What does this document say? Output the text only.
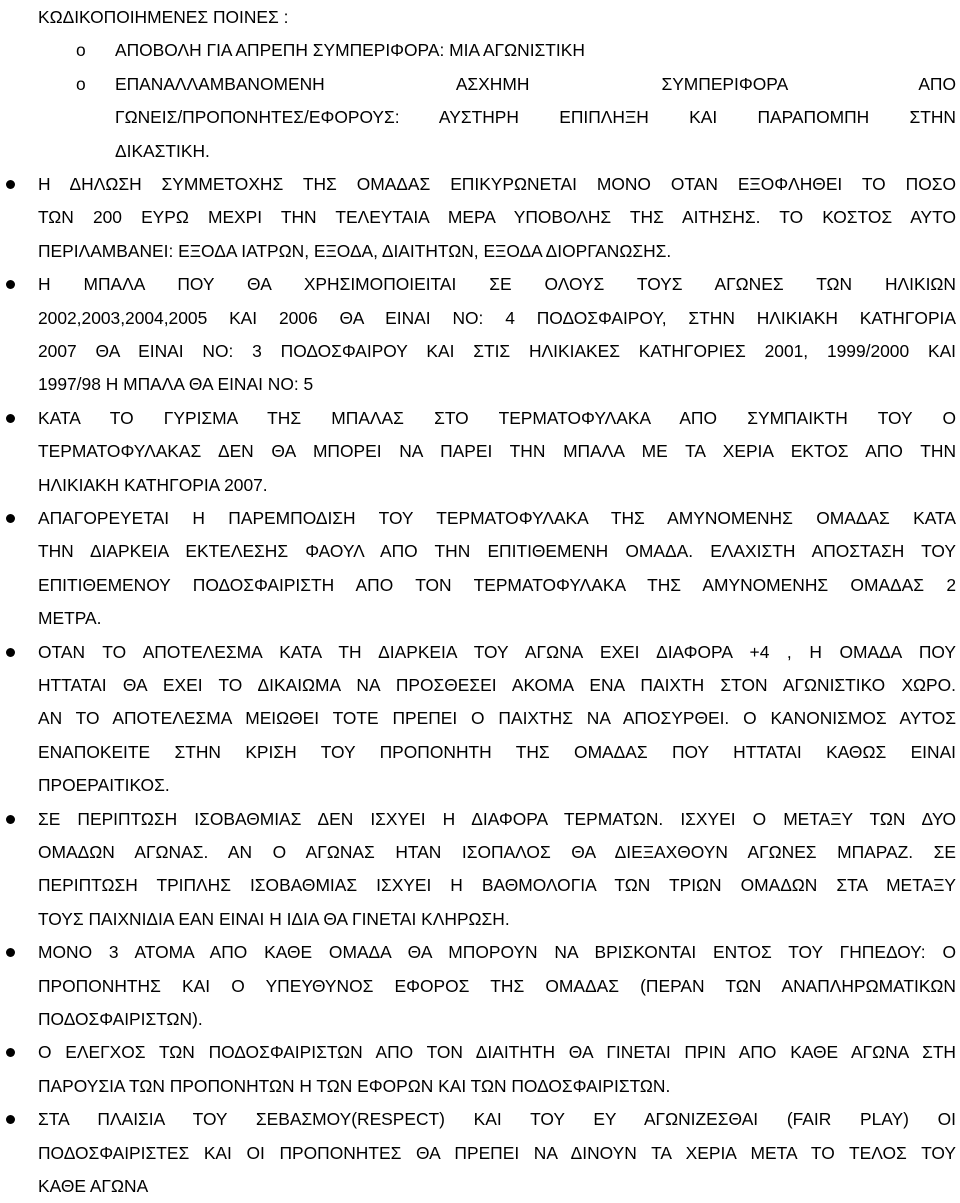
ΚΩΔΙΚΟΠΟΙΗΜΕΝΕΣ ΠΟΙΝΕΣ :
o	ΑΠΟΒΟΛΗ ΓΙΑ ΑΠΡΕΠΗ ΣΥΜΠΕΡΙΦΟΡΑ: ΜΙΑ ΑΓΩΝΙΣΤΙΚΗ
o	ΕΠΑΝΑΛΛΑΜΒΑΝΟΜΕΝΗ ΑΣΧΗΜΗ ΣΥΜΠΕΡΙΦΟΡΑ ΑΠΟ
ΓΩΝΕΙΣ/ΠΡΟΠΟΝΗΤΕΣ/ΕΦΟΡΟΥΣ: ΑΥΣΤΗΡΗ ΕΠΙΠΛΗΞΗ ΚΑΙ ΠΑΡΑΠΟΜΠΗ ΣΤΗΝ
ΔΙΚΑΣΤΙΚΗ.
Η ΔΗΛΩΣΗ ΣΥΜΜΕΤΟΧΗΣ ΤΗΣ ΟΜΑΔΑΣ ΕΠΙΚΥΡΩΝΕΤΑΙ ΜΟΝΟ ΟΤΑΝ ΕΞΟΦΛΗΘΕΙ ΤΟ ΠΟΣΟ
ΤΩΝ 200 ΕΥΡΩ ΜΕΧΡΙ ΤΗΝ ΤΕΛΕΥΤΑΙΑ ΜΕΡΑ ΥΠΟΒΟΛΗΣ ΤΗΣ ΑΙΤΗΣΗΣ. ΤΟ ΚΟΣΤΟΣ ΑΥΤΟ
ΠΕΡΙΛΑΜΒΑΝΕΙ: ΕΞΟΔΑ ΙΑΤΡΩΝ, ΕΞΟΔΑ, ΔΙΑΙΤΗΤΩΝ, ΕΞΟΔΑ ΔΙΟΡΓΑΝΩΣΗΣ.
Η ΜΠΑΛΑ ΠΟΥ ΘΑ ΧΡΗΣΙΜΟΠΟΙΕΙΤΑΙ ΣΕ ΟΛΟΥΣ ΤΟΥΣ ΑΓΩΝΕΣ ΤΩΝ ΗΛΙΚΙΩΝ
2002,2003,2004,2005 ΚΑΙ 2006 ΘΑ ΕΙΝΑΙ ΝΟ: 4 ΠΟΔΟΣΦΑΙΡΟΥ, ΣΤΗΝ ΗΛΙΚΙΑΚΗ ΚΑΤΗΓΟΡΙΑ
2007 ΘΑ ΕΙΝΑΙ ΝΟ: 3 ΠΟΔΟΣΦΑΙΡΟΥ ΚΑΙ ΣΤΙΣ ΗΛΙΚΙΑΚΕΣ ΚΑΤΗΓΟΡΙΕΣ 2001, 1999/2000 ΚΑΙ
1997/98 Η ΜΠΑΛΑ ΘΑ ΕΙΝΑΙ ΝΟ: 5
ΚΑΤΑ ΤΟ ΓΥΡΙΣΜΑ ΤΗΣ ΜΠΑΛΑΣ ΣΤΟ ΤΕΡΜΑΤΟΦΥΛΑΚΑ ΑΠΟ ΣΥΜΠΑΙΚΤΗ ΤΟΥ Ο
ΤΕΡΜΑΤΟΦΥΛΑΚΑΣ ΔΕΝ ΘΑ ΜΠΟΡΕΙ ΝΑ ΠΑΡΕΙ ΤΗΝ ΜΠΑΛΑ ΜΕ ΤΑ ΧΕΡΙΑ ΕΚΤΟΣ ΑΠΟ ΤΗΝ
ΗΛΙΚΙΑΚΗ ΚΑΤΗΓΟΡΙΑ 2007.
ΑΠΑΓΟΡΕΥΕΤΑΙ Η ΠΑΡΕΜΠΟΔΙΣΗ ΤΟΥ ΤΕΡΜΑΤΟΦΥΛΑΚΑ ΤΗΣ ΑΜΥΝΟΜΕΝΗΣ ΟΜΑΔΑΣ ΚΑΤΑ
ΤΗΝ ΔΙΑΡΚΕΙΑ ΕΚΤΕΛΕΣΗΣ ΦΑΟΥΛ ΑΠΟ ΤΗΝ ΕΠΙΤΙΘΕΜΕΝΗ ΟΜΑΔΑ. ΕΛΑΧΙΣΤΗ ΑΠΟΣΤΑΣΗ ΤΟΥ
ΕΠΙΤΙΘΕΜΕΝΟΥ ΠΟΔΟΣΦΑΙΡΙΣΤΗ ΑΠΟ ΤΟΝ ΤΕΡΜΑΤΟΦΥΛΑΚΑ ΤΗΣ ΑΜΥΝΟΜΕΝΗΣ ΟΜΑΔΑΣ 2
ΜΕΤΡΑ.
ΟΤΑΝ ΤΟ ΑΠΟΤΕΛΕΣΜΑ ΚΑΤΑ ΤΗ ΔΙΑΡΚΕΙΑ ΤΟΥ ΑΓΩΝΑ ΕΧΕΙ ΔΙΑΦΟΡΑ +4 , Η ΟΜΑΔΑ ΠΟΥ
ΗΤΤΑΤΑΙ ΘΑ ΕΧΕΙ ΤΟ ΔΙΚΑΙΩΜΑ ΝΑ ΠΡΟΣΘΕΣΕΙ ΑΚΟΜΑ ΕΝΑ ΠΑΙΧΤΗ ΣΤΟΝ ΑΓΩΝΙΣΤΙΚΟ ΧΩΡΟ.
ΑΝ ΤΟ ΑΠΟΤΕΛΕΣΜΑ ΜΕΙΩΘΕΙ ΤΟΤΕ ΠΡΕΠΕΙ Ο ΠΑΙΧΤΗΣ ΝΑ ΑΠΟΣΥΡΘΕΙ. Ο ΚΑΝΟΝΙΣΜΟΣ ΑΥΤΟΣ
ΕΝΑΠΟΚΕΙΤΕ ΣΤΗΝ ΚΡΙΣΗ ΤΟΥ ΠΡΟΠΟΝΗΤΗ ΤΗΣ ΟΜΑΔΑΣ ΠΟΥ ΗΤΤΑΤΑΙ ΚΑΘΩΣ ΕΙΝΑΙ
ΠΡΟΕΡΑΙΤΙΚΟΣ.
ΣΕ ΠΕΡΙΠΤΩΣΗ ΙΣΟΒΑΘΜΙΑΣ ΔΕΝ ΙΣΧΥΕΙ Η ΔΙΑΦΟΡΑ ΤΕΡΜΑΤΩΝ. ΙΣΧΥΕΙ Ο ΜΕΤΑΞΥ ΤΩΝ ΔΥΟ
ΟΜΑΔΩΝ ΑΓΩΝΑΣ. ΑΝ Ο ΑΓΩΝΑΣ ΗΤΑΝ ΙΣΟΠΑΛΟΣ ΘΑ ΔΙΕΞΑΧΘΟΥΝ ΑΓΩΝΕΣ ΜΠΑΡΑΖ. ΣΕ
ΠΕΡΙΠΤΩΣΗ ΤΡΙΠΛΗΣ ΙΣΟΒΑΘΜΙΑΣ ΙΣΧΥΕΙ Η ΒΑΘΜΟΛΟΓΙΑ ΤΩΝ ΤΡΙΩΝ ΟΜΑΔΩΝ ΣΤΑ ΜΕΤΑΞΥ
ΤΟΥΣ ΠΑΙΧΝΙΔΙΑ ΕΑΝ ΕΙΝΑΙ Η ΙΔΙΑ ΘΑ ΓΙΝΕΤΑΙ ΚΛΗΡΩΣΗ.
ΜΟΝΟ 3 ΑΤΟΜΑ ΑΠΟ ΚΑΘΕ ΟΜΑΔΑ ΘΑ ΜΠΟΡΟΥΝ ΝΑ ΒΡΙΣΚΟΝΤΑΙ ΕΝΤΟΣ ΤΟΥ ΓΗΠΕΔΟΥ: Ο
ΠΡΟΠΟΝΗΤΗΣ ΚΑΙ Ο ΥΠΕΥΘΥΝΟΣ ΕΦΟΡΟΣ ΤΗΣ ΟΜΑΔΑΣ (ΠΕΡΑΝ ΤΩΝ ΑΝΑΠΛΗΡΩΜΑΤΙΚΩΝ
ΠΟΔΟΣΦΑΙΡΙΣΤΩΝ).
Ο ΕΛΕΓΧΟΣ ΤΩΝ ΠΟΔΟΣΦΑΙΡΙΣΤΩΝ ΑΠΟ ΤΟΝ ΔΙΑΙΤΗΤΗ ΘΑ ΓΙΝΕΤΑΙ ΠΡΙΝ ΑΠΟ ΚΑΘΕ ΑΓΩΝΑ ΣΤΗ
ΠΑΡΟΥΣΙΑ ΤΩΝ ΠΡΟΠΟΝΗΤΩΝ Η ΤΩΝ ΕΦΟΡΩΝ ΚΑΙ ΤΩΝ ΠΟΔΟΣΦΑΙΡΙΣΤΩΝ.
ΣΤΑ ΠΛΑΙΣΙΑ ΤΟΥ ΣΕΒΑΣΜΟΥ(RESPECT) ΚΑΙ ΤΟΥ ΕΥ ΑΓΩΝΙΖΕΣΘΑΙ (FAIR PLAY) ΟΙ
ΠΟΔΟΣΦΑΙΡΙΣΤΕΣ ΚΑΙ ΟΙ ΠΡΟΠΟΝΗΤΕΣ ΘΑ ΠΡΕΠΕΙ ΝΑ ΔΙΝΟΥΝ ΤΑ ΧΕΡΙΑ ΜΕΤΑ ΤΟ ΤΕΛΟΣ ΤΟΥ
ΚΑΘΕ ΑΓΩΝΑ
